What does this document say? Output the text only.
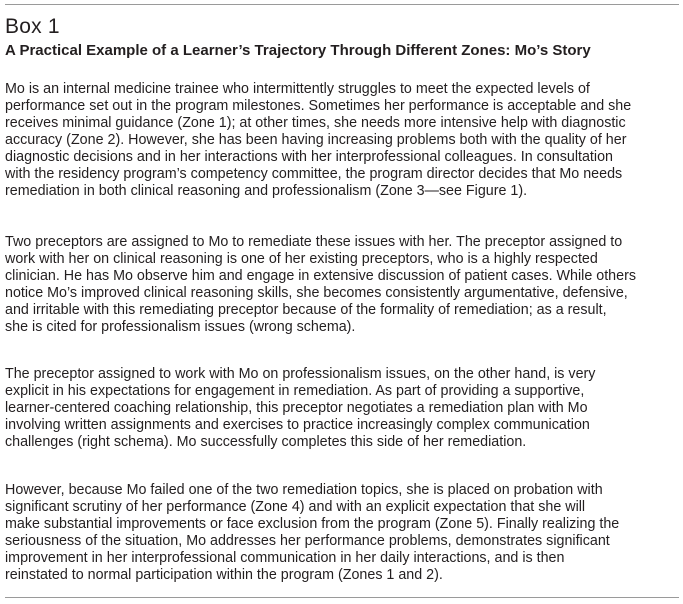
Box 1
A Practical Example of a Learner’s Trajectory Through Different Zones: Mo’s Story

Mo is an internal medicine trainee who intermittently struggles to meet the expected levels of
performance set out in the program milestones. Sometimes her performance is acceptable and she
receives minimal guidance (Zone 1); at other times, she needs more intensive help with diagnostic
accuracy (Zone 2). However, she has been having increasing problems both with the quality of her
diagnostic decisions and in her interactions with her interprofessional colleagues. In consultation
with the residency program’s competency committee, the program director decides that Mo needs
remediation in both clinical reasoning and professionalism (Zone 3—see Figure 1).

Two preceptors are assigned to Mo to remediate these issues with her. The preceptor assigned to
work with her on clinical reasoning is one of her existing preceptors, who is a highly respected
clinician. He has Mo observe him and engage in extensive discussion of patient cases. While others
notice Mo’s improved clinical reasoning skills, she becomes consistently argumentative, defensive,
and irritable with this remediating preceptor because of the formality of remediation; as a result,
she is cited for professionalism issues (wrong schema).

The preceptor assigned to work with Mo on professionalism issues, on the other hand, is very
explicit in his expectations for engagement in remediation. As part of providing a supportive,
learner-centered coaching relationship, this preceptor negotiates a remediation plan with Mo
involving written assignments and exercises to practice increasingly complex communication
challenges (right schema). Mo successfully completes this side of her remediation.

However, because Mo failed one of the two remediation topics, she is placed on probation with
significant scrutiny of her performance (Zone 4) and with an explicit expectation that she will
make substantial improvements or face exclusion from the program (Zone 5). Finally realizing the
seriousness of the situation, Mo addresses her performance problems, demonstrates significant
improvement in her interprofessional communication in her daily interactions, and is then
reinstated to normal participation within the program (Zones 1 and 2).
